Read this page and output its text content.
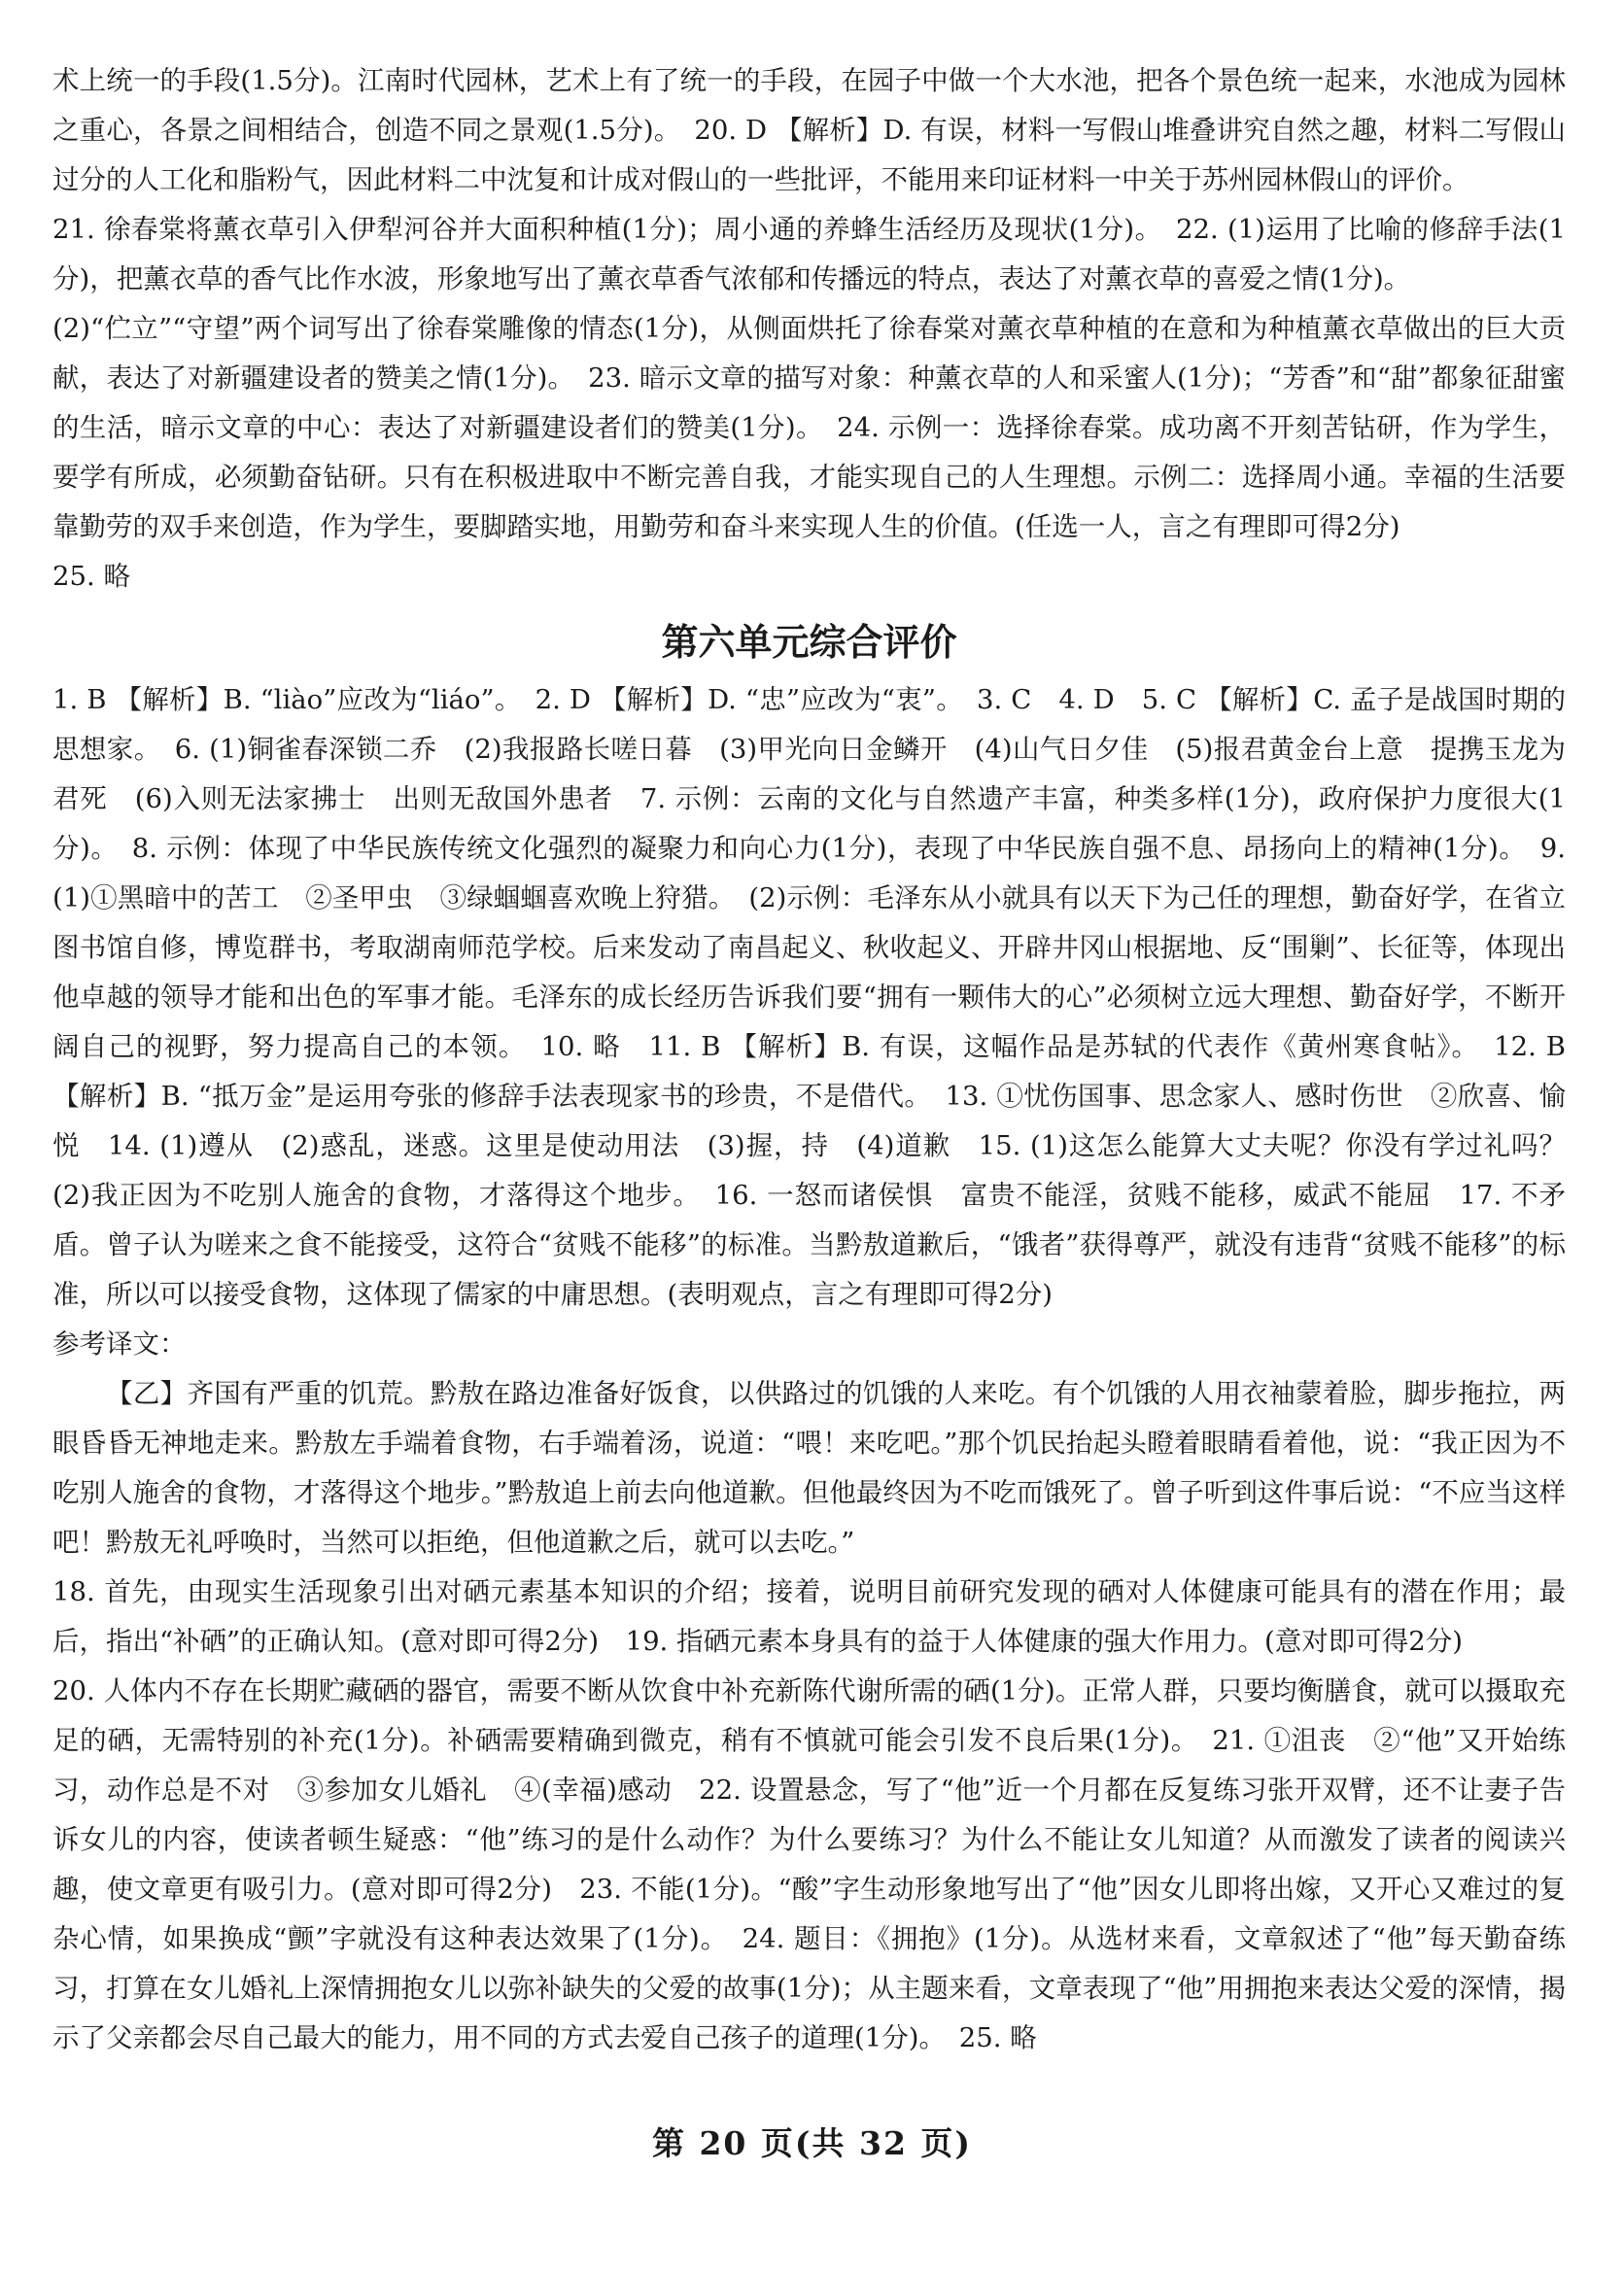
术上统一的手段(1.5分)。江南时代园林，艺术上有了统一的手段，在园子中做一个大水池，把各个景色统一起来，水池成为园林之重心，各景之间相结合，创造不同之景观(1.5分)。　20. D 【解析】D. 有误，材料一写假山堆叠讲究自然之趣，材料二写假山过分的人工化和脂粉气，因此材料二中沈复和计成对假山的一些批评，不能用来印证材料一中关于苏州园林假山的评价。

21. 徐春棠将薰衣草引入伊犁河谷并大面积种植(1分)；周小通的养蜂生活经历及现状(1分)。　22. (1)运用了比喻的修辞手法(1分)，把薰衣草的香气比作水波，形象地写出了薰衣草香气浓郁和传播远的特点，表达了对薰衣草的喜爱之情(1分)。

(2)“伫立”“守望”两个词写出了徐春棠雕像的情态(1分)，从侧面烘托了徐春棠对薰衣草种植的在意和为种植薰衣草做出的巨大贡献，表达了对新疆建设者的赞美之情(1分)。　23. 暗示文章的描写对象：种薰衣草的人和采蜜人(1分)；“芳香”和“甜”都象征甜蜜的生活，暗示文章的中心：表达了对新疆建设者们的赞美(1分)。　24. 示例一：选择徐春棠。成功离不开刻苦钻研，作为学生，要学有所成，必须勤奋钻研。只有在积极进取中不断完善自我，才能实现自己的人生理想。示例二：选择周小通。幸福的生活要靠勤劳的双手来创造，作为学生，要脚踏实地，用勤劳和奋斗来实现人生的价值。(任选一人，言之有理即可得2分)

25. 略

第六单元综合评价

1. B 【解析】B. “liào”应改为“liáo”。　2. D 【解析】D. “忠”应改为“衷”。　3. C　4. D　5. C 【解析】C. 孟子是战国时期的思想家。　6. (1)铜雀春深锁二乔　(2)我报路长嗟日暮　(3)甲光向日金鳞开　(4)山气日夕佳　(5)报君黄金台上意　提携玉龙为君死　(6)入则无法家拂士　出则无敌国外患者　7. 示例：云南的文化与自然遗产丰富，种类多样(1分)，政府保护力度很大(1分)。　8. 示例：体现了中华民族传统文化强烈的凝聚力和向心力(1分)，表现了中华民族自强不息、昂扬向上的精神(1分)。　9. (1)①黑暗中的苦工　②圣甲虫　③绿蝈蝈喜欢晚上狩猎。　(2)示例：毛泽东从小就具有以天下为己任的理想，勤奋好学，在省立图书馆自修，博览群书，考取湖南师范学校。后来发动了南昌起义、秋收起义、开辟井冈山根据地、反“围剿”、长征等，体现出他卓越的领导才能和出色的军事才能。毛泽东的成长经历告诉我们要“拥有一颗伟大的心”必须树立远大理想、勤奋好学，不断开阔自己的视野，努力提高自己的本领。　10. 略　11. B 【解析】B. 有误，这幅作品是苏轼的代表作《黄州寒食帖》。　12. B 【解析】B. “抵万金”是运用夸张的修辞手法表现家书的珍贵，不是借代。　13. ①忧伤国事、思念家人、感时伤世　②欣喜、愉悦　14. (1)遵从　(2)惑乱，迷惑。这里是使动用法　(3)握，持　(4)道歉　15. (1)这怎么能算大丈夫呢？你没有学过礼吗？　(2)我正因为不吃别人施舍的食物，才落得这个地步。　16. 一怒而诸侯惧　富贵不能淫，贫贱不能移，威武不能屈　17. 不矛盾。曾子认为嗟来之食不能接受，这符合“贫贱不能移”的标准。当黔敖道歉后，“饿者”获得尊严，就没有违背“贫贱不能移”的标准，所以可以接受食物，这体现了儒家的中庸思想。(表明观点，言之有理即可得2分)

参考译文：

【乙】齐国有严重的饥荒。黔敖在路边准备好饭食，以供路过的饥饿的人来吃。有个饥饿的人用衣袖蒙着脸，脚步拖拉，两眼昏昏无神地走来。黔敖左手端着食物，右手端着汤，说道：“喂！来吃吧。”那个饥民抬起头瞪着眼睛看着他，说：“我正因为不吃别人施舍的食物，才落得这个地步。”黔敖追上前去向他道歉。但他最终因为不吃而饿死了。曾子听到这件事后说：“不应当这样吧！黔敖无礼呼唤时，当然可以拒绝，但他道歉之后，就可以去吃。”

18. 首先，由现实生活现象引出对硒元素基本知识的介绍；接着，说明目前研究发现的硒对人体健康可能具有的潜在作用；最后，指出“补硒”的正确认知。(意对即可得2分)　19. 指硒元素本身具有的益于人体健康的强大作用力。(意对即可得2分)

20. 人体内不存在长期贮藏硒的器官，需要不断从饮食中补充新陈代谢所需的硒(1分)。正常人群，只要均衡膳食，就可以摄取充足的硒，无需特别的补充(1分)。补硒需要精确到微克，稍有不慎就可能会引发不良后果(1分)。　21. ①沮丧　②“他”又开始练习，动作总是不对　③参加女儿婚礼　④(幸福)感动　22. 设置悬念，写了“他”近一个月都在反复练习张开双臂，还不让妻子告诉女儿的内容，使读者顿生疑惑：“他”练习的是什么动作？为什么要练习？为什么不能让女儿知道？从而激发了读者的阅读兴趣，使文章更有吸引力。(意对即可得2分)　23. 不能(1分)。“酸”字生动形象地写出了“他”因女儿即将出嫁，又开心又难过的复杂心情，如果换成“颤”字就没有这种表达效果了(1分)。　24. 题目：《拥抱》(1分)。从选材来看，文章叙述了“他”每天勤奋练习，打算在女儿婚礼上深情拥抱女儿以弥补缺失的父爱的故事(1分)；从主题来看，文章表现了“他”用拥抱来表达父爱的深情，揭示了父亲都会尽自己最大的能力，用不同的方式去爱自己孩子的道理(1分)。　25. 略

第 20 页(共 32 页)
